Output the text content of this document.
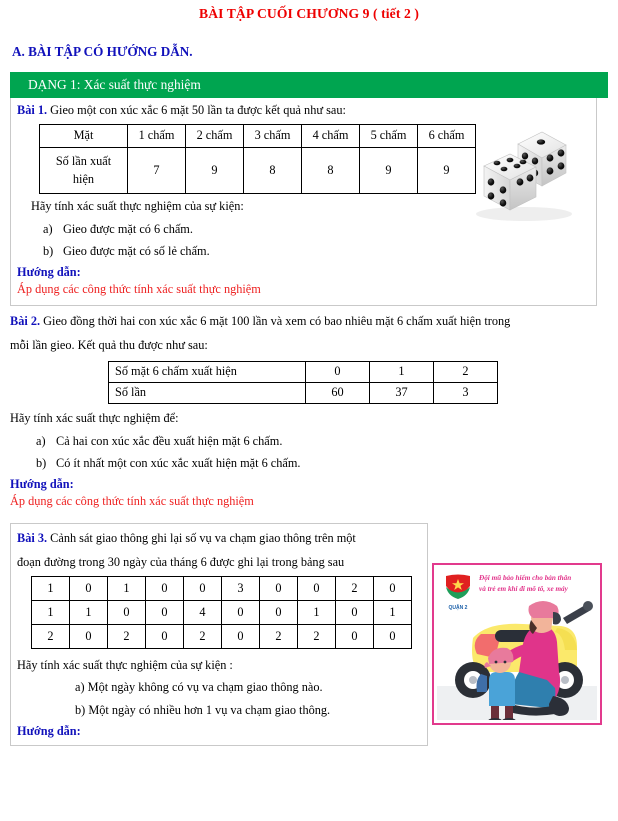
BÀI TẬP CUỐI CHƯƠNG 9 ( tiết 2 )
A. BÀI TẬP CÓ HƯỚNG DẪN.
DẠNG 1: Xác suất thực nghiệm
Bài 1. Gieo một con xúc xắc 6 mặt 50 lần ta được kết quả như sau:
Mặt	1 chấm	2 chấm	3 chấm	4 chấm	5 chấm	6 chấm

Số lần xuất
hiện	7	9	8	8	9	9
Hãy tính xác suất thực nghiệm của sự kiện:
a) Gieo được mặt có 6 chấm.
b) Gieo được mặt có số lẻ chấm.
Hướng dẫn:
Áp dụng các công thức tính xác suất thực nghiệm
Bài 2. Gieo đồng thời hai con xúc xắc 6 mặt 100 lần và xem có bao nhiêu mặt 6 chấm xuất hiện trong
mỗi lần gieo. Kết quả thu được như sau:
Số mặt 6 chấm xuất hiện	0	1	2
Số lần	60	37	3
Hãy tính xác suất thực nghiệm để:
a) Cả hai con xúc xắc đều xuất hiện mặt 6 chấm.
b) Có ít nhất một con xúc xắc xuất hiện mặt 6 chấm.
Hướng dẫn:
Áp dụng các công thức tính xác suất thực nghiệm
QUẬN 2
Đội mũ bảo hiểm cho bản thân
và trẻ em khi đi mô tô, xe máy
Bài 3. Cảnh sát giao thông ghi lại số vụ va chạm giao thông trên một
đoạn đường trong 30 ngày của tháng 6 được ghi lại trong bảng sau
1	0	1	0	0	3	0	0	2	0
1	1	0	0	4	0	0	1	0	1
2	0	2	0	2	0	2	2	0	0
Hãy tính xác suất thực nghiệm của sự kiện :
a) Một ngày không có vụ va chạm giao thông nào.
b) Một ngày có nhiều hơn 1 vụ va chạm giao thông.
Hướng dẫn:
